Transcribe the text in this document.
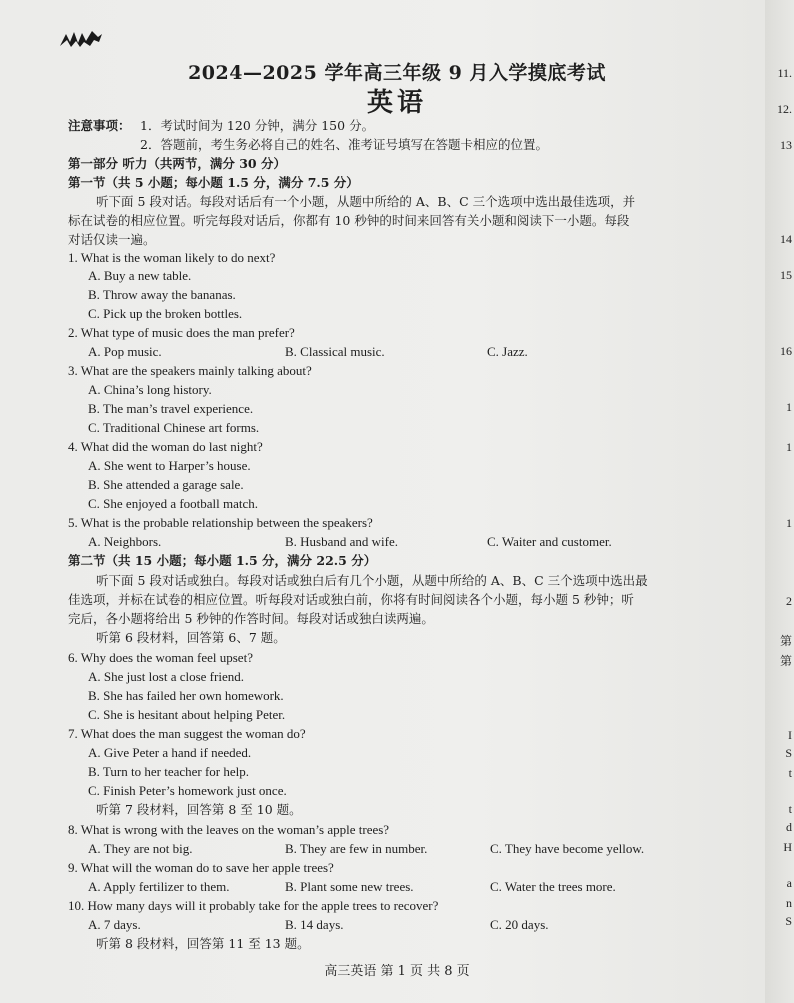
11.
12.
13
14
15
16
1
1
1
2
第
第
I
S
t
t
d
H
a
n
S
2024—2025 学年高三年级 9 月入学摸底考试
英语
注意事项： 1．考试时间为 120 分钟，满分 150 分。
2．答题前，考生务必将自己的姓名、准考证号填写在答题卡相应的位置。
第一部分 听力（共两节，满分 30 分）
第一节（共 5 小题；每小题 1.5 分，满分 7.5 分）
听下面 5 段对话。每段对话后有一个小题，从题中所给的 A、B、C 三个选项中选出最佳选项，并
标在试卷的相应位置。听完每段对话后，你都有 10 秒钟的时间来回答有关小题和阅读下一小题。每段
对话仅读一遍。
1. What is the woman likely to do next?
A. Buy a new table.
B. Throw away the bananas.
C. Pick up the broken bottles.
2. What type of music does the man prefer?
A. Pop music.	B. Classical music.	C. Jazz.
3. What are the speakers mainly talking about?
A. China’s long history.
B. The man’s travel experience.
C. Traditional Chinese art forms.
4. What did the woman do last night?
A. She went to Harper’s house.
B. She attended a garage sale.
C. She enjoyed a football match.
5. What is the probable relationship between the speakers?
A. Neighbors.	B. Husband and wife.	C. Waiter and customer.
第二节（共 15 小题；每小题 1.5 分，满分 22.5 分）
听下面 5 段对话或独白。每段对话或独白后有几个小题，从题中所给的 A、B、C 三个选项中选出最
佳选项，并标在试卷的相应位置。听每段对话或独白前，你将有时间阅读各个小题，每小题 5 秒钟；听
完后，各小题将给出 5 秒钟的作答时间。每段对话或独白读两遍。
听第 6 段材料，回答第 6、7 题。
6. Why does the woman feel upset?
A. She just lost a close friend.
B. She has failed her own homework.
C. She is hesitant about helping Peter.
7. What does the man suggest the woman do?
A. Give Peter a hand if needed.
B. Turn to her teacher for help.
C. Finish Peter’s homework just once.
听第 7 段材料，回答第 8 至 10 题。
8. What is wrong with the leaves on the woman’s apple trees?
A. They are not big.	B. They are few in number.	C. They have become yellow.
9. What will the woman do to save her apple trees?
A. Apply fertilizer to them.	B. Plant some new trees.	C. Water the trees more.
10. How many days will it probably take for the apple trees to recover?
A. 7 days.	B. 14 days.	C. 20 days.
听第 8 段材料，回答第 11 至 13 题。
高三英语 第 1 页 共 8 页
